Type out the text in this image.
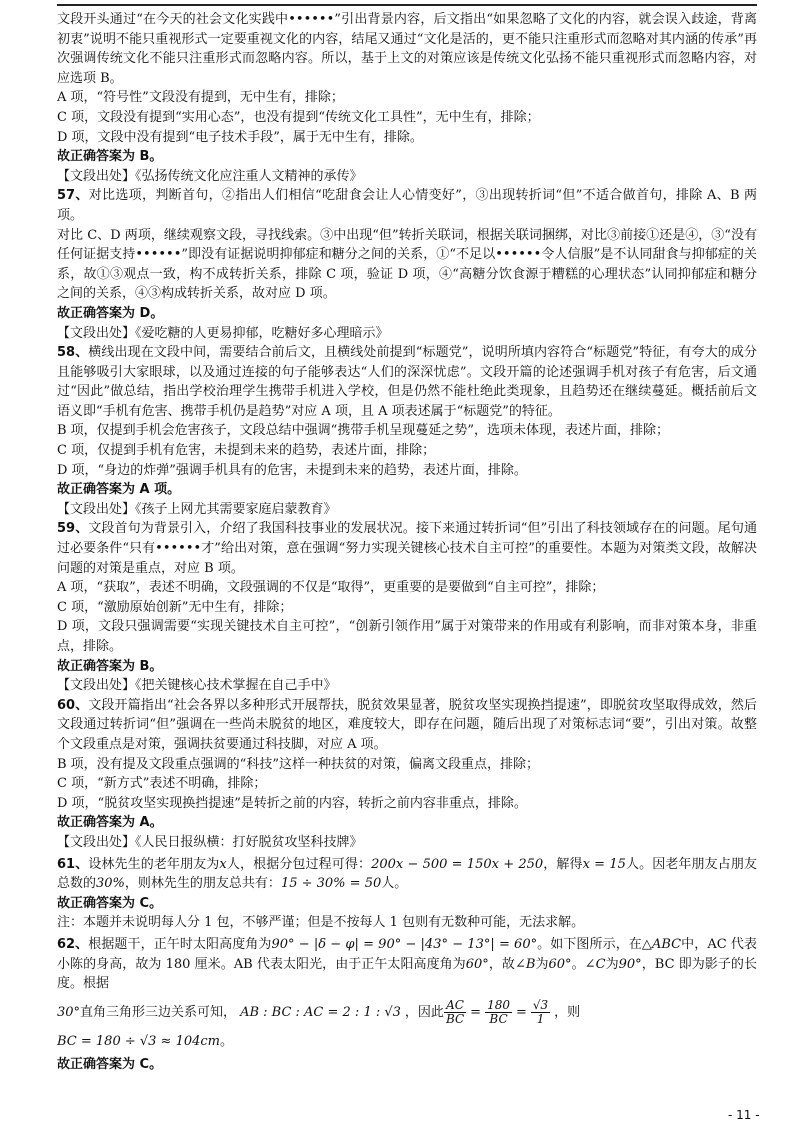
文段开头通过“在今天的社会文化实践中••••••”引出背景内容，后文指出“如果忽略了文化的内容，就会误入歧途，背离初衷”说明不能只重视形式一定要重视文化的内容，结尾又通过“文化是活的，更不能只注重形式而忽略对其内涵的传承”再次强调传统文化不能只注重形式而忽略内容。所以，基于上文的对策应该是传统文化弘扬不能只重视形式而忽略内容，对应选项 B。

A 项，“符号性”文段没有提到，无中生有，排除；

C 项，文段没有提到“实用心态”，也没有提到“传统文化工具性”，无中生有，排除；

D 项，文段中没有提到“电子技术手段”，属于无中生有，排除。

故正确答案为 B。

【文段出处】《弘扬传统文化应注重人文精神的承传》

57、对比选项，判断首句，②指出人们相信“吃甜食会让人心情变好”，③出现转折词“但”不适合做首句，排除 A、B 两项。

对比 C、D 两项，继续观察文段，寻找线索。③中出现“但”转折关联词，根据关联词捆绑，对比③前接①还是④，③“没有任何证据支持••••••”即没有证据说明抑郁症和糖分之间的关系，①“不足以••••••令人信服”是不认同甜食与抑郁症的关系，故①③观点一致，构不成转折关系，排除 C 项，验证 D 项，④“高糖分饮食源于糟糕的心理状态”认同抑郁症和糖分之间的关系，④③构成转折关系，故对应 D 项。

故正确答案为 D。

【文段出处】《爱吃糖的人更易抑郁，吃糖好多心理暗示》

58、横线出现在文段中间，需要结合前后文，且横线处前提到“标题党”，说明所填内容符合“标题党”特征，有夸大的成分且能够吸引大家眼球，以及通过连接的句子能够表达“人们的深深忧虑”。文段开篇的论述强调手机对孩子有危害，后文通过“因此”做总结，指出学校治理学生携带手机进入学校，但是仍然不能杜绝此类现象，且趋势还在继续蔓延。概括前后文语义即“手机有危害、携带手机仍是趋势”对应 A 项，且 A 项表述属于“标题党”的特征。

B 项，仅提到手机会危害孩子，文段总结中强调“携带手机呈现蔓延之势”，选项未体现，表述片面，排除；

C 项，仅提到手机有危害，未提到未来的趋势，表述片面，排除；

D 项，“身边的炸弹”强调手机具有的危害，未提到未来的趋势，表述片面，排除。

故正确答案为 A 项。

【文段出处】《孩子上网尤其需要家庭启蒙教育》

59、文段首句为背景引入，介绍了我国科技事业的发展状况。接下来通过转折词“但”引出了科技领域存在的问题。尾句通过必要条件“只有••••••才”给出对策，意在强调“努力实现关键核心技术自主可控”的重要性。本题为对策类文段，故解决问题的对策是重点，对应 B 项。

A 项，“获取”，表述不明确，文段强调的不仅是“取得”，更重要的是要做到“自主可控”，排除；

C 项，“激励原始创新”无中生有，排除；

D 项，文段只强调需要“实现关键技术自主可控”，“创新引领作用”属于对策带来的作用或有利影响，而非对策本身，非重点，排除。

故正确答案为 B。

【文段出处】《把关键核心技术掌握在自己手中》

60、文段开篇指出“社会各界以多种形式开展帮扶，脱贫效果显著，脱贫攻坚实现换挡提速”，即脱贫攻坚取得成效，然后文段通过转折词“但”强调在一些尚未脱贫的地区，难度较大，即存在问题，随后出现了对策标志词“要”，引出对策。故整个文段重点是对策，强调扶贫要通过科技脚，对应 A 项。

B 项，没有提及文段重点强调的“科技”这样一种扶贫的对策，偏离文段重点，排除；

C 项，“新方式”表述不明确，排除；

D 项，“脱贫攻坚实现换挡提速”是转折之前的内容，转折之前内容非重点，排除。

故正确答案为 A。

【文段出处】《人民日报纵横：打好脱贫攻坚科技牌》

61、设林先生的老年朋友为x人，根据分包过程可得：200x − 500 = 150x + 250，解得x = 15人。因老年朋友占朋友总数的30%，则林先生的朋友总共有：15 ÷ 30% = 50人。

故正确答案为 C。

注：本题并未说明每人分 1 包，不够严谨；但是不按每人 1 包则有无数种可能，无法求解。

62、根据题干，正午时太阳高度角为90° − |δ − φ| = 90° − |43° − 13°| = 60°。如下图所示，在△ABC中，AC 代表小陈的身高，故为 180 厘米。AB 代表太阳光，由于正午太阳高度角为60°，故∠B为60°。∠C为90°，BC 即为影子的长度。根据

30° 直角三角形三边关系可知， AB : BC : AC = 2 : 1 : √3 ，因此 $\frac{AC}{BC} = \frac{180}{BC} = \frac{√3}{1}$ ，则

BC = 180 ÷ √3 ≈ 104cm。

故正确答案为 C。

- 11 -
